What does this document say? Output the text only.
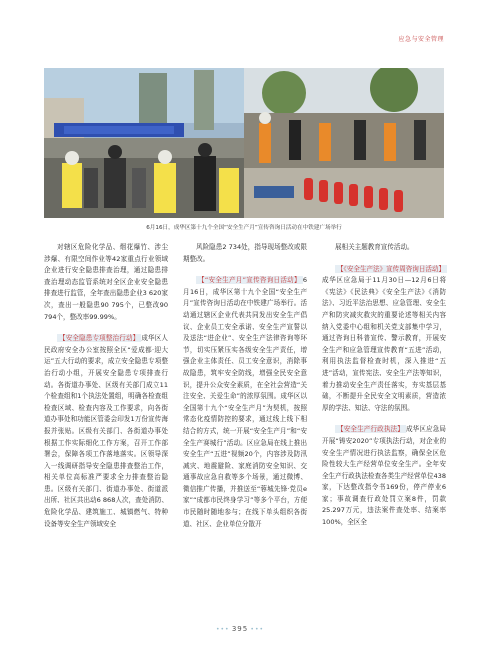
应急与安全管理
6月16日，成华区第十九个全国“安全生产月”宣传咨询日活动在中铁建广场举行

对辖区危险化学品、烟花爆竹、涉尘涉爆、有限空间作业等42家重点行业领域企业进行安全隐患排查治理，通过隐患排查治理动态监管系统对全区企业安全隐患排查进行监管，全年查出隐患企业3 620家次，查出一般隐患90 795个，已整改90 794个，整改率99.99%。

【安全隐患专项整治行动】 成华区人民政府安全办公室按照全区“爱成都·迎大运”五大行动的要求，成立安全隐患专项整治行动小组，开展安全隐患专项排查行动。各街道办事处、区级有关部门成立11个检查组和1个执法处置组，明确各检查组检查区域、检查内容及工作要求，向各街道办事处和功能区管委会印发1万份宣传海报并张贴。区级有关部门、各街道办事处根据工作实际细化工作方案，召开工作部署会，保障各项工作落地落实。区领导深入一线调研指导安全隐患排查整治工作，相关单位高标准严要求全力排查整治隐患。区级有关部门、街道办事处、街道派出所、社区共出动6 868人次，查处消防、危险化学品、建筑施工、城镇燃气、特种设备等安全生产领域安全

风险隐患2 734处，指导现场整改或限期整改。

【“安全生产月”宣传咨询日活动】 6月16日，成华区第十九个全国“安全生产月”宣传咨询日活动在中铁建广场举行。活动通过辖区企业代表共同发出安全生产倡议、企业员工安全承诺、安全生产宣誓以及送法“进企业”、安全生产法律咨询等环节，切实压紧压实各级安全生产责任，增强企业主体责任、员工安全意识，消除事故隐患，筑牢安全防线，增强全民安全意识，提升公众安全素质，在全社会营造“关注安全、关爱生命”的浓厚氛围。成华区以全国第十九个“安全生产月”为契机，按照常态化疫情防控的要求，通过线上线下相结合的方式，统一开展“安全生产月”和“安全生产赛城行”活动。区应急局在线上推出安全生产“五进”视频20个，内容涉及防汛减灾、地震避险、家庭消防安全知识、交通事故应急自救等多个场景，通过微博、微信推广传播，并推送至“蓉城先锋·党员e家”“成都市民终身学习”等多个平台，方便市民随时随地参与；在线下单头组织各街道、社区、企业单位分散开

展相关主题教育宣传活动。

【《安全生产法》宣传周咨询日活动】成华区应急局于11月30日—12月6日将《宪法》《民法典》《安全生产法》《消防法》、习近平法治思想、应急管理、安全生产和防灾减灾救灾的重要论述等相关内容纳入党委中心组和机关党支部集中学习，通过咨询日科普宣传、警示教育，开展安全生产和应急管理宣传教育“五进”活动，利用执法监督检查时机，深入推进“五进”活动，宣传宪法、安全生产法等知识，着力推动安全生产责任落实，夯实基层基础，不断提升全民安全文明素质，营造浓厚的学法、知法、守法的氛围。

【安全生产行政执法】 成华区应急局开展“铸安2020”专项执法行动，对企业的安全生产情况进行执法监察，确保全区危险性较大生产经营单位安全生产。全年安全生产行政执法检查各类生产经营单位438家，下达整改指令书169份，停产停业6家；事故调查行政处罚立案8件，罚款25.297万元，违法案件查处率、结案率100%，全区全

••• 395 •••
